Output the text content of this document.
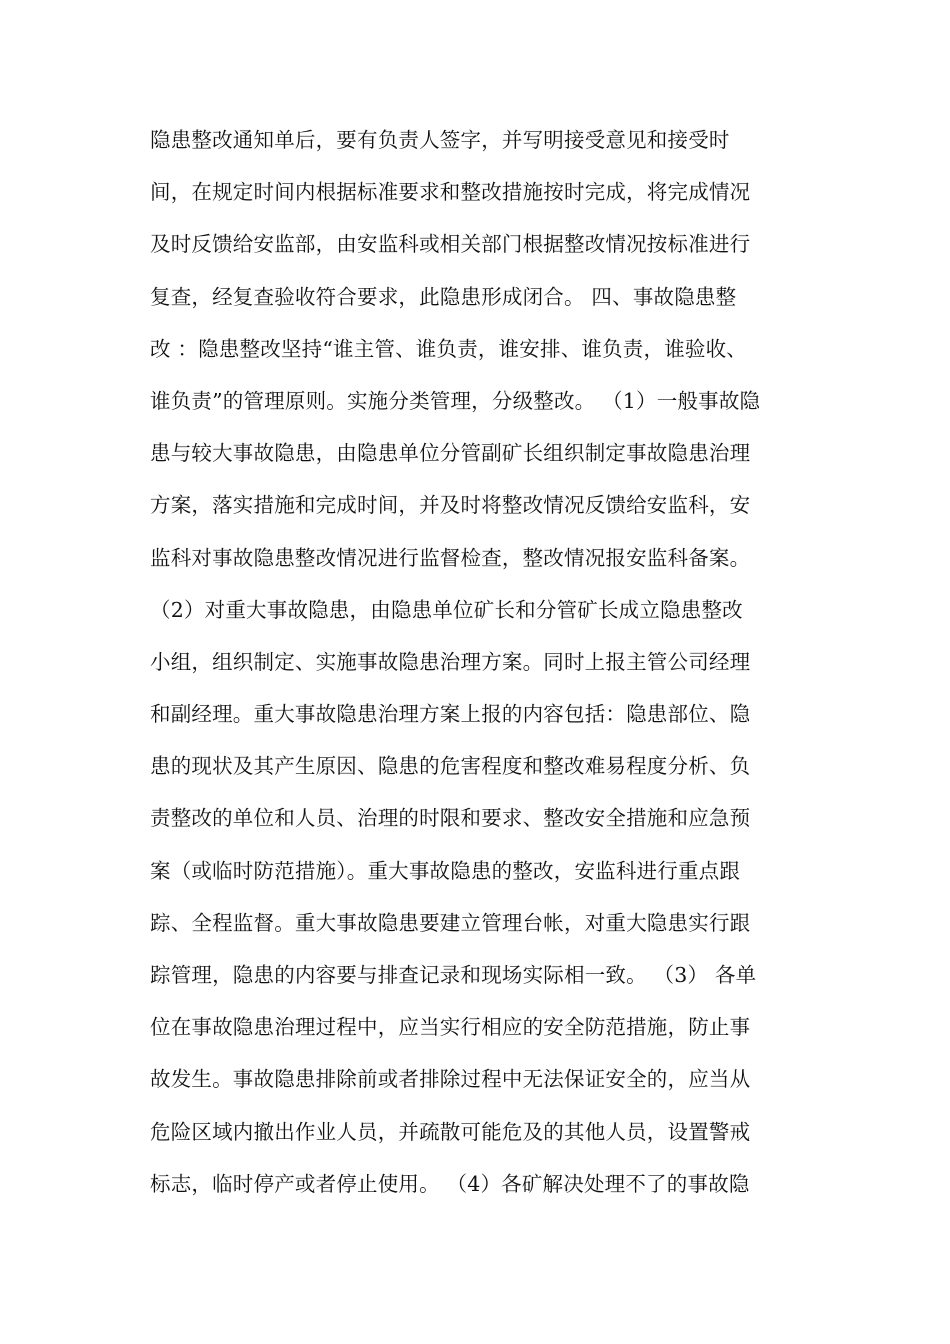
隐患整改通知单后，要有负责人签字，并写明接受意见和接受时
间，在规定时间内根据标准要求和整改措施按时完成，将完成情况
及时反馈给安监部，由安监科或相关部门根据整改情况按标准进行
复查，经复查验收符合要求，此隐患形成闭合。 四、事故隐患整
改 ：隐患整改坚持“谁主管、谁负责，谁安排、谁负责，谁验收、
谁负责”的管理原则。实施分类管理，分级整改。 （1）一般事故隐
患与较大事故隐患，由隐患单位分管副矿长组织制定事故隐患治理
方案，落实措施和完成时间，并及时将整改情况反馈给安监科，安
监科对事故隐患整改情况进行监督检查，整改情况报安监科备案。
（2）对重大事故隐患，由隐患单位矿长和分管矿长成立隐患整改
小组，组织制定、实施事故隐患治理方案。同时上报主管公司经理
和副经理。重大事故隐患治理方案上报的内容包括：隐患部位、隐
患的现状及其产生原因、隐患的危害程度和整改难易程度分析、负
责整改的单位和人员、治理的时限和要求、整改安全措施和应急预
案（或临时防范措施）。重大事故隐患的整改，安监科进行重点跟
踪、全程监督。重大事故隐患要建立管理台帐，对重大隐患实行跟
踪管理，隐患的内容要与排查记录和现场实际相一致。 （3） 各单
位在事故隐患治理过程中，应当实行相应的安全防范措施，防止事
故发生。事故隐患排除前或者排除过程中无法保证安全的，应当从
危险区域内撤出作业人员，并疏散可能危及的其他人员，设置警戒
标志，临时停产或者停止使用。 （4）各矿解决处理不了的事故隐
